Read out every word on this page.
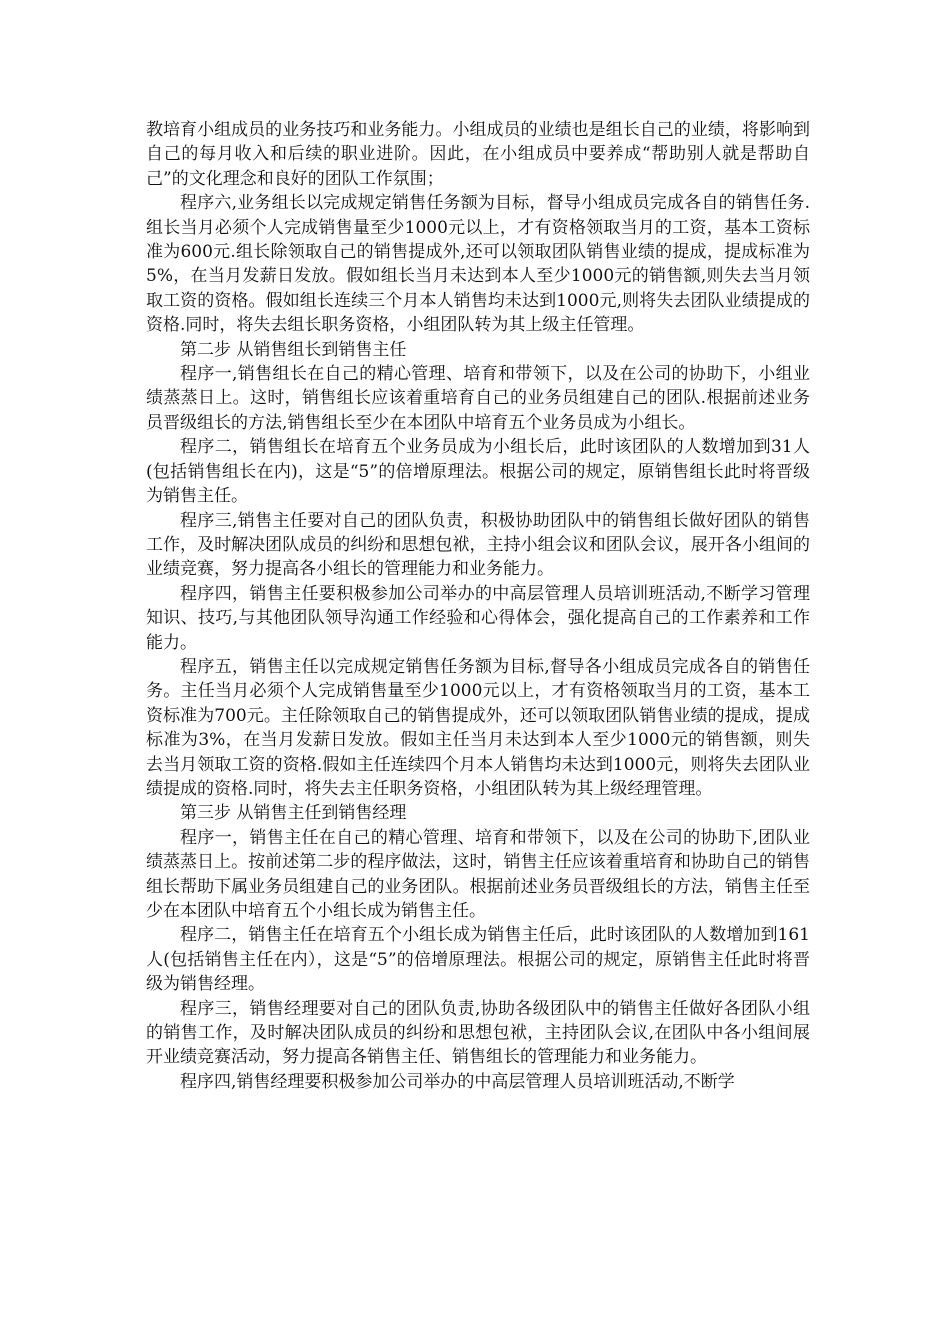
教培育小组成员的业务技巧和业务能力。小组成员的业绩也是组长自己的业绩，将影响到自己的每月收入和后续的职业进阶。因此，在小组成员中要养成“帮助别人就是帮助自己”的文化理念和良好的团队工作氛围；

程序六,业务组长以完成规定销售任务额为目标，督导小组成员完成各自的销售任务.组长当月必须个人完成销售量至少1000元以上，才有资格领取当月的工资，基本工资标准为600元.组长除领取自己的销售提成外,还可以领取团队销售业绩的提成，提成标准为5%，在当月发薪日发放。假如组长当月未达到本人至少1000元的销售额,则失去当月领取工资的资格。假如组长连续三个月本人销售均未达到1000元,则将失去团队业绩提成的资格.同时，将失去组长职务资格，小组团队转为其上级主任管理。

第二步 从销售组长到销售主任

程序一,销售组长在自己的精心管理、培育和带领下，以及在公司的协助下，小组业绩蒸蒸日上。这时，销售组长应该着重培育自己的业务员组建自己的团队.根据前述业务员晋级组长的方法,销售组长至少在本团队中培育五个业务员成为小组长。

程序二，销售组长在培育五个业务员成为小组长后，此时该团队的人数增加到31人(包括销售组长在内)，这是“5”的倍增原理法。根据公司的规定，原销售组长此时将晋级为销售主任。

程序三,销售主任要对自己的团队负责，积极协助团队中的销售组长做好团队的销售工作，及时解决团队成员的纠纷和思想包袱，主持小组会议和团队会议，展开各小组间的业绩竞赛，努力提高各小组长的管理能力和业务能力。

程序四，销售主任要积极参加公司举办的中高层管理人员培训班活动,不断学习管理知识、技巧,与其他团队领导沟通工作经验和心得体会，强化提高自己的工作素养和工作能力。

程序五，销售主任以完成规定销售任务额为目标,督导各小组成员完成各自的销售任务。主任当月必须个人完成销售量至少1000元以上，才有资格领取当月的工资，基本工资标准为700元。主任除领取自己的销售提成外，还可以领取团队销售业绩的提成，提成标准为3%，在当月发薪日发放。假如主任当月未达到本人至少1000元的销售额，则失去当月领取工资的资格.假如主任连续四个月本人销售均未达到1000元，则将失去团队业绩提成的资格.同时，将失去主任职务资格，小组团队转为其上级经理管理。

第三步 从销售主任到销售经理

程序一，销售主任在自己的精心管理、培育和带领下，以及在公司的协助下,团队业绩蒸蒸日上。按前述第二步的程序做法，这时，销售主任应该着重培育和协助自己的销售组长帮助下属业务员组建自己的业务团队。根据前述业务员晋级组长的方法，销售主任至少在本团队中培育五个小组长成为销售主任。

程序二，销售主任在培育五个小组长成为销售主任后，此时该团队的人数增加到161人(包括销售主任在内），这是“5”的倍增原理法。根据公司的规定，原销售主任此时将晋级为销售经理。

程序三，销售经理要对自己的团队负责,协助各级团队中的销售主任做好各团队小组的销售工作，及时解决团队成员的纠纷和思想包袱，主持团队会议,在团队中各小组间展开业绩竞赛活动，努力提高各销售主任、销售组长的管理能力和业务能力。

程序四,销售经理要积极参加公司举办的中高层管理人员培训班活动,不断学
